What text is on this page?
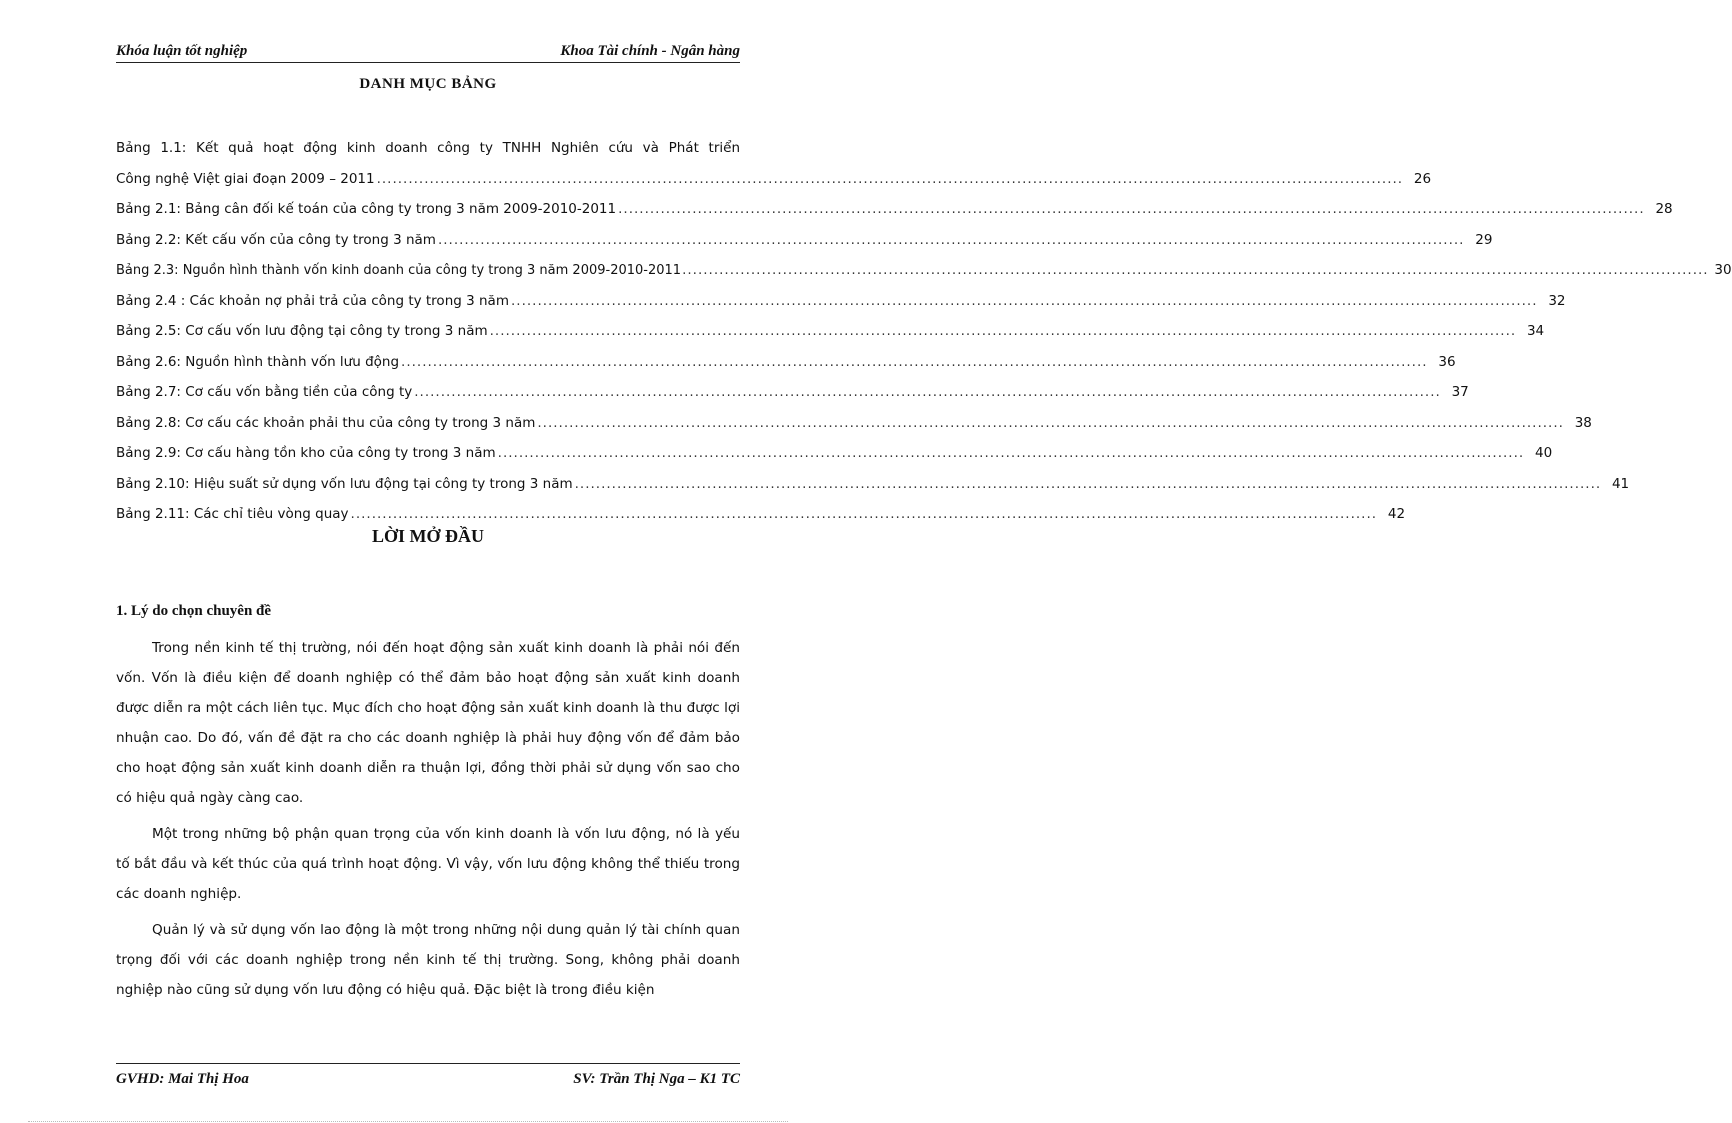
Khóa luận tốt nghiệp	Khoa Tài chính - Ngân hàng
DANH MỤC BẢNG
Bảng 1.1: Kết quả hoạt động kinh doanh công ty TNHH Nghiên cứu và Phát triển
Công nghệ Việt giai đoạn 2009 – 2011 .....	26
Bảng 2.1: Bảng cân đối kế toán của công ty trong 3 năm 2009-2010-2011 .....	28
Bảng 2.2: Kết cấu vốn của công ty trong 3 năm .....	29
Bảng 2.3: Nguồn hình thành vốn kinh doanh của công ty trong 3 năm 2009-2010-2011 .....	30
Bảng 2.4 : Các khoản nợ phải trả của công ty trong 3 năm .....	32
Bảng 2.5: Cơ cấu vốn lưu động tại công ty trong 3 năm .....	34
Bảng 2.6: Nguồn hình thành vốn lưu động .....	36
Bảng 2.7: Cơ cấu vốn bằng tiền của công ty .....	37
Bảng 2.8: Cơ cấu các khoản phải thu của công ty trong 3 năm .....	38
Bảng 2.9: Cơ cấu hàng tồn kho của công ty trong 3 năm .....	40
Bảng 2.10: Hiệu suất sử dụng vốn lưu động tại công ty trong 3 năm .....	41
Bảng 2.11: Các chỉ tiêu vòng quay .....	42
LỜI MỞ ĐẦU
1. Lý do chọn chuyên đề

Trong nền kinh tế thị trường, nói đến hoạt động sản xuất kinh doanh là phải nói đến vốn. Vốn là điều kiện để doanh nghiệp có thể đảm bảo hoạt động sản xuất kinh doanh được diễn ra một cách liên tục. Mục đích cho hoạt động sản xuất kinh doanh là thu được lợi nhuận cao. Do đó, vấn đề đặt ra cho các doanh nghiệp là phải huy động vốn để đảm bảo cho hoạt động sản xuất kinh doanh diễn ra thuận lợi, đồng thời phải sử dụng vốn sao cho có hiệu quả ngày càng cao.

Một trong những bộ phận quan trọng của vốn kinh doanh là vốn lưu động, nó là yếu tố bắt đầu và kết thúc của quá trình hoạt động. Vì vậy, vốn lưu động không thể thiếu trong các doanh nghiệp.

Quản lý và sử dụng vốn lao động là một trong những nội dung quản lý tài chính quan trọng đối với các doanh nghiệp trong nền kinh tế thị trường. Song, không phải doanh nghiệp nào cũng sử dụng vốn lưu động có hiệu quả. Đặc biệt là trong điều kiện

GVHD: Mai Thị Hoa	SV: Trần Thị Nga – K1 TC
